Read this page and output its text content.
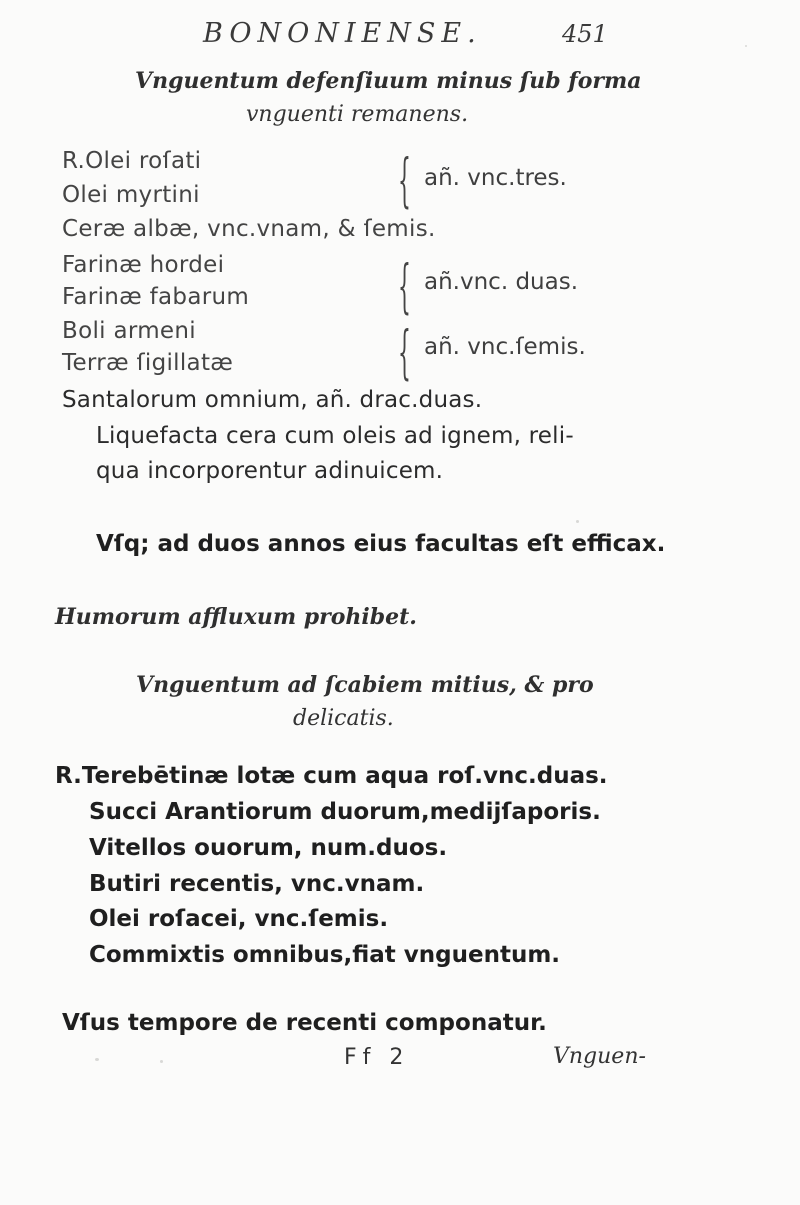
BONONIENSE.	451
Vnguentum defenſiuum minus ſub forma
vnguenti remanens.
R.Olei roſati
Olei myrtini	{ añ. vnc.tres.
Ceræ albæ, vnc.vnam, & ſemis.
Farinæ hordei
Farinæ fabarum	{ añ.vnc. duas.
Boli armeni
Terræ ſigillatæ	{ añ. vnc.ſemis.
Santalorum omnium, añ. drac.duas.
Liquefacta cera cum oleis ad ignem, reli-
qua incorporentur adinuicem.
Vſq; ad duos annos eius facultas eſt efficax.
Humorum affluxum prohibet.
Vnguentum ad ſcabiem mitius, & pro
delicatis.
R.Terebētinæ lotæ cum aqua roſ.vnc.duas.
Succi Arantiorum duorum,medijſaporis.
Vitellos ouorum, num.duos.
Butiri recentis, vnc.vnam.
Olei roſacei, vnc.ſemis.
Commixtis omnibus,fiat vnguentum.
Vſus tempore de recenti componatur.
Ff 2	Vnguen-
